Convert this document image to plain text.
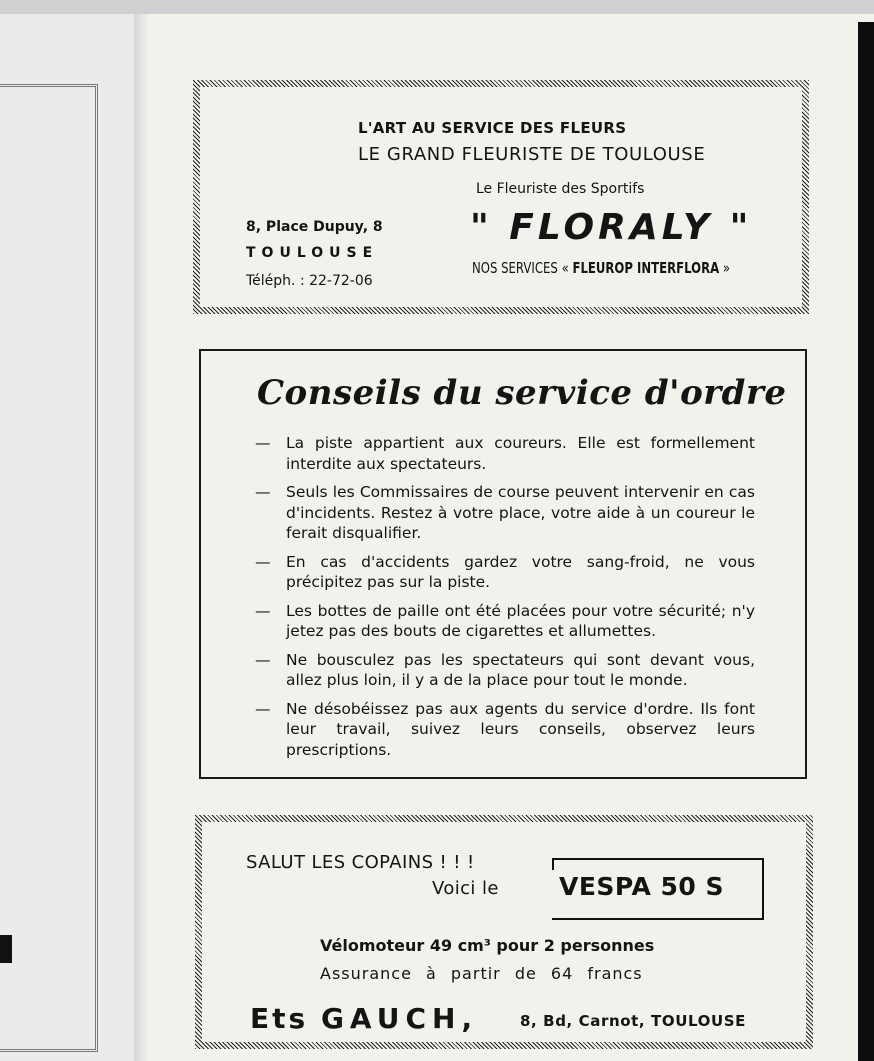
L'ART AU SERVICE DES FLEURS
LE GRAND FLEURISTE DE TOULOUSE
Le Fleuriste des Sportifs
8, Place Dupuy, 8
TOULOUSE
Téléph. : 22-72-06
" FLORALY "
NOS SERVICES « FLEUROP INTERFLORA »
Conseils du service d'ordre
— La piste appartient aux coureurs. Elle est formellement interdite aux spectateurs.
— Seuls les Commissaires de course peuvent intervenir en cas d'incidents. Restez à votre place, votre aide à un coureur le ferait disqualifier.
— En cas d'accidents gardez votre sang-froid, ne vous précipitez pas sur la piste.
— Les bottes de paille ont été placées pour votre sécurité; n'y jetez pas des bouts de cigarettes et allumettes.
— Ne bousculez pas les spectateurs qui sont devant vous, allez plus loin, il y a de la place pour tout le monde.
— Ne désobéissez pas aux agents du service d'ordre. Ils font leur travail, suivez leurs conseils, observez leurs prescriptions.
SALUT LES COPAINS ! ! !
Voici le VESPA 50 S
Vélomoteur 49 cm³ pour 2 personnes
Assurance à partir de 64 francs
Ets GAUCH,	8, Bd, Carnot, TOULOUSE
